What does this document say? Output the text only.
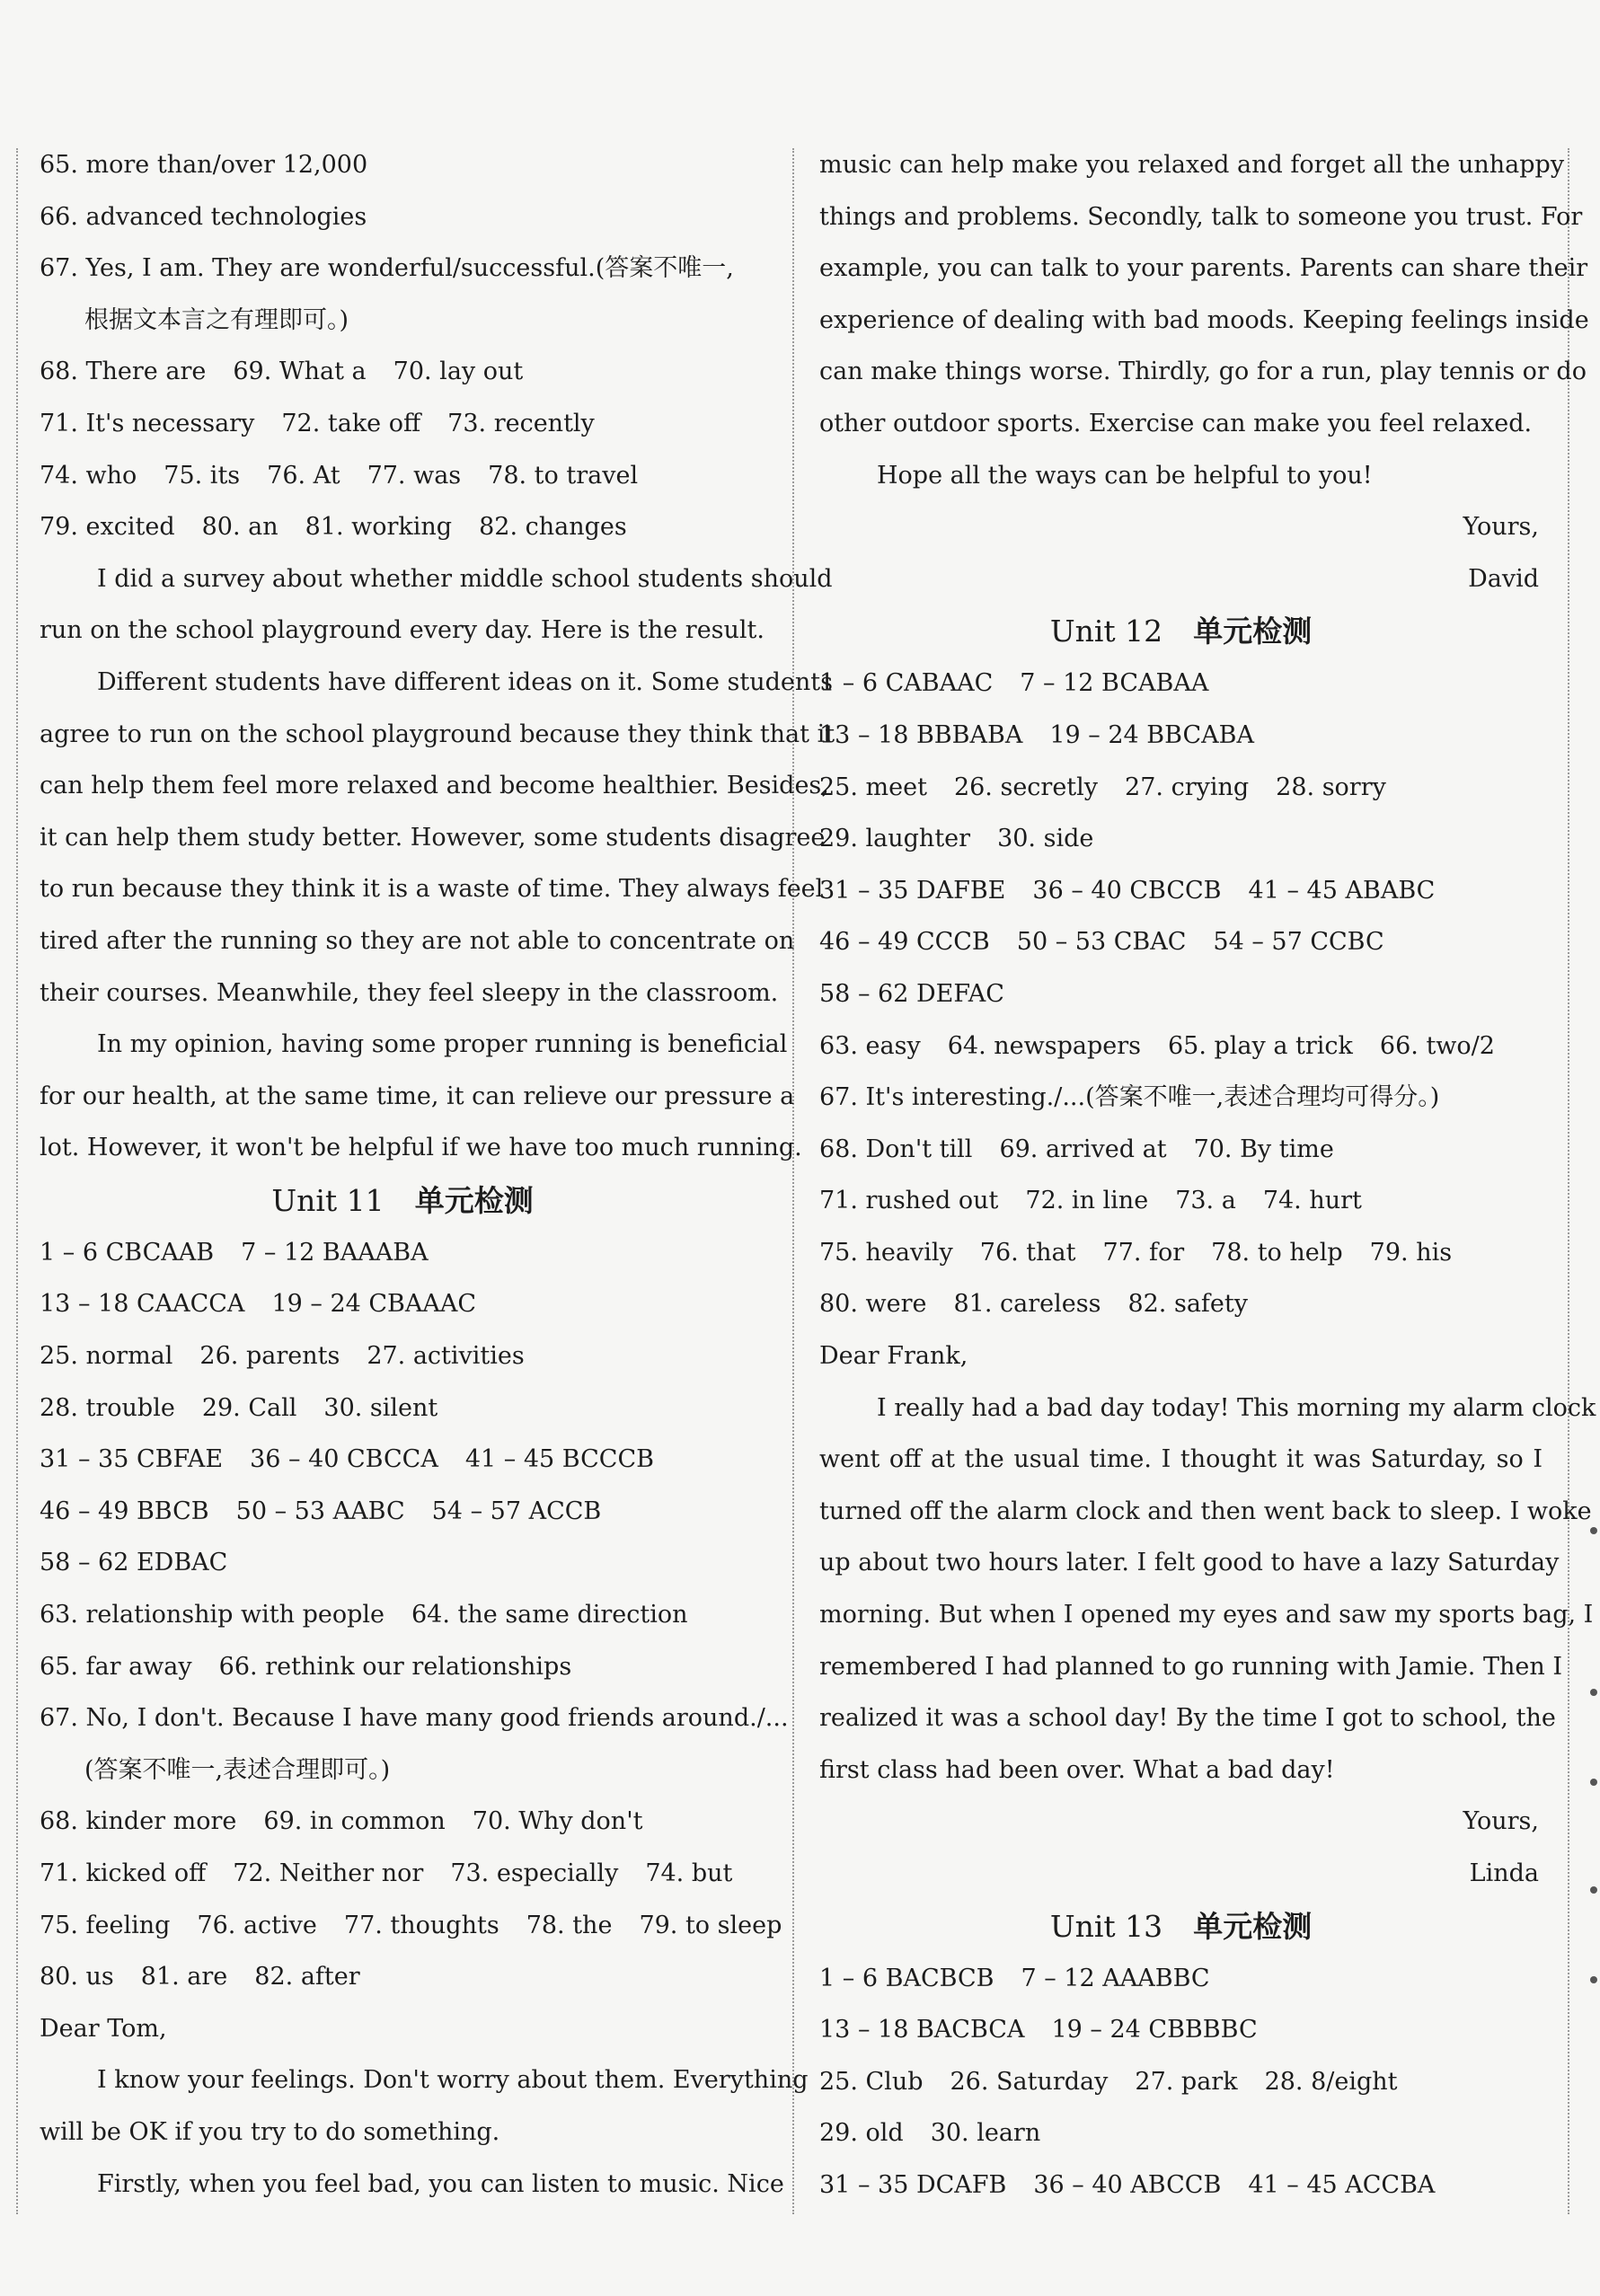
65. more than/over 12,000
66. advanced technologies
67. Yes, I am. They are wonderful/successful.(答案不唯一,
根据文本言之有理即可。)
68. There are 69. What a 70. lay out
71. It's necessary 72. take off 73. recently
74. who 75. its 76. At 77. was 78. to travel
79. excited 80. an 81. working 82. changes
I did a survey about whether middle school students should
run on the school playground every day. Here is the result.
Different students have different ideas on it. Some students
agree to run on the school playground because they think that it
can help them feel more relaxed and become healthier. Besides,
it can help them study better. However, some students disagree
to run because they think it is a waste of time. They always feel
tired after the running so they are not able to concentrate on
their courses. Meanwhile, they feel sleepy in the classroom.
In my opinion, having some proper running is beneficial
for our health, at the same time, it can relieve our pressure a
lot. However, it won't be helpful if we have too much running.
Unit 11 单元检测
1 – 6 CBCAAB 7 – 12 BAAABA
13 – 18 CAACCA 19 – 24 CBAAAC
25. normal 26. parents 27. activities
28. trouble 29. Call 30. silent
31 – 35 CBFAE 36 – 40 CBCCA 41 – 45 BCCCB
46 – 49 BBCB 50 – 53 AABC 54 – 57 ACCB
58 – 62 EDBAC
63. relationship with people 64. the same direction
65. far away 66. rethink our relationships
67. No, I don't. Because I have many good friends around./...
(答案不唯一,表述合理即可。)
68. kinder more 69. in common 70. Why don't
71. kicked off 72. Neither nor 73. especially 74. but
75. feeling 76. active 77. thoughts 78. the 79. to sleep
80. us 81. are 82. after
Dear Tom,
I know your feelings. Don't worry about them. Everything
will be OK if you try to do something.
Firstly, when you feel bad, you can listen to music. Nice
music can help make you relaxed and forget all the unhappy
things and problems. Secondly, talk to someone you trust. For
example, you can talk to your parents. Parents can share their
experience of dealing with bad moods. Keeping feelings inside
can make things worse. Thirdly, go for a run, play tennis or do
other outdoor sports. Exercise can make you feel relaxed.
Hope all the ways can be helpful to you!
Yours,
David
Unit 12 单元检测
1 – 6 CABAAC 7 – 12 BCABAA
13 – 18 BBBABA 19 – 24 BBCABA
25. meet 26. secretly 27. crying 28. sorry
29. laughter 30. side
31 – 35 DAFBE 36 – 40 CBCCB 41 – 45 ABABC
46 – 49 CCCB 50 – 53 CBAC 54 – 57 CCBC
58 – 62 DEFAC
63. easy 64. newspapers 65. play a trick 66. two/2
67. It's interesting./...(答案不唯一,表述合理均可得分。)
68. Don't till 69. arrived at 70. By time
71. rushed out 72. in line 73. a 74. hurt
75. heavily 76. that 77. for 78. to help 79. his
80. were 81. careless 82. safety
Dear Frank,
I really had a bad day today! This morning my alarm clock
went off at the usual time. I thought it was Saturday, so I
turned off the alarm clock and then went back to sleep. I woke
up about two hours later. I felt good to have a lazy Saturday
morning. But when I opened my eyes and saw my sports bag, I
remembered I had planned to go running with Jamie. Then I
realized it was a school day! By the time I got to school, the
first class had been over. What a bad day!
Yours,
Linda
Unit 13 单元检测
1 – 6 BACBCB 7 – 12 AAABBC
13 – 18 BACBCA 19 – 24 CBBBBC
25. Club 26. Saturday 27. park 28. 8/eight
29. old 30. learn
31 – 35 DCAFB 36 – 40 ABCCB 41 – 45 ACCBA
